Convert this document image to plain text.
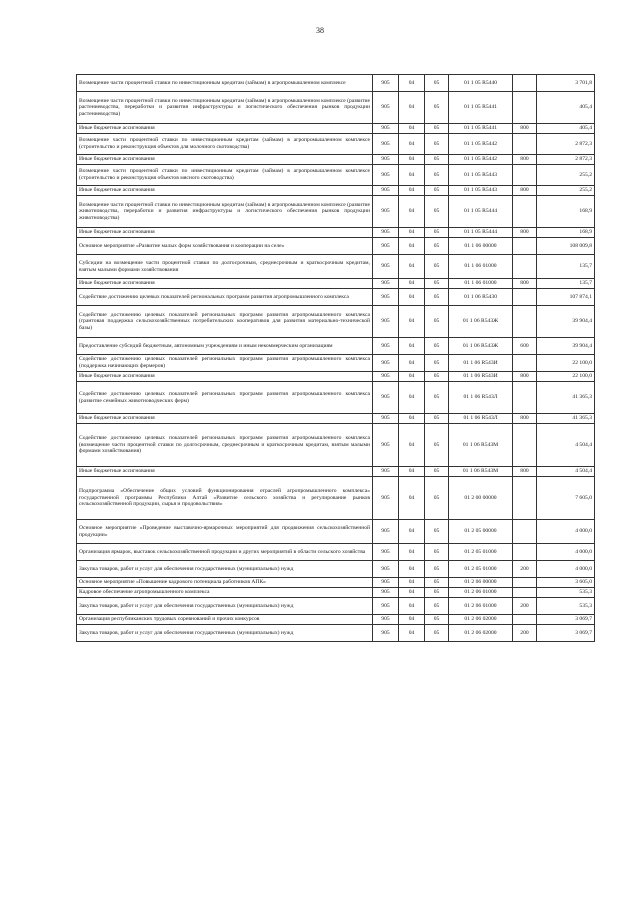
38
Возмещение части процентной ставки по инвестиционным кредитам (займам) в агропромышленном комплексе	905	04	05	01 1 05 R5440		3 701,8
Возмещение части процентной ставки по инвестиционным кредитам (займам) в агропромышленном комплексе (развитие растениеводства, переработки и развития инфраструктуры и логистического обеспечения рынков продукции растениеводства)	905	04	05	01 1 05 R5441		405,4
Иные бюджетные ассигнования	905	04	05	01 1 05 R5441	800	405,4
Возмещение части процентной ставки по инвестиционным кредитам (займам) в агропромышленном комплексе (строительство и реконструкция объектов для молочного скотоводства)	905	04	05	01 1 05 R5442		2 872,3
Иные бюджетные ассигнования	905	04	05	01 1 05 R5442	800	2 872,3
Возмещение части процентной ставки по инвестиционным кредитам (займам) в агропромышленном комплексе (строительство и реконструкция объектов мясного скотоводства)	905	04	05	01 1 05 R5443		255,2
Иные бюджетные ассигнования	905	04	05	01 1 05 R5443	800	255,2
Возмещение части процентной ставки по инвестиционным кредитам (займам) в агропромышленном комплексе (развитие животноводства, переработки и развития инфраструктуры и логистического обеспечения рынков продукции животноводства)	905	04	05	01 1 05 R5444		168,9
Иные бюджетные ассигнования	905	04	05	01 1 05 R5444	800	168,9
Основное мероприятие «Развитие малых форм хозяйствования и кооперации на селе»	905	04	05	01 1 06 00000		108 009,8
Субсидии на возмещение части процентной ставки по долгосрочным, среднесрочным и краткосрочным кредитам, взятым малыми формами хозяйствования	905	04	05	01 1 06 01000		135,7
Иные бюджетные ассигнования	905	04	05	01 1 06 01000	800	135,7
Содействие достижению целевых показателей региональных программ развития агропромышленного комплекса	905	04	05	01 1 06 R5430		107 874,1
Содействие достижению целевых показателей региональных программ развития агропромышленного комплекса (грантовая поддержка сельскохозяйственных потребительских кооперативов для развития материально-технической базы)	905	04	05	01 1 06 R543Ж		39 904,4
Предоставление субсидий бюджетным, автономным учреждениям и иным некоммерческим организациям	905	04	05	01 1 06 R543Ж	600	39 904,4
Содействие достижению целевых показателей региональных программ развития агропромышленного комплекса (поддержка начинающих фермеров)	905	04	05	01 1 06 R543И		22 100,0
Иные бюджетные ассигнования	905	04	05	01 1 06 R543И	800	22 100,0
Содействие достижению целевых показателей региональных программ развития агропромышленного комплекса (развитие семейных животноводческих ферм)	905	04	05	01 1 06 R543Л		41 365,3
Иные бюджетные ассигнования	905	04	05	01 1 06 R543Л	800	41 365,3
Содействие достижению целевых показателей региональных программ развития агропромышленного комплекса (возмещение части процентной ставки по долгосрочным, среднесрочным и краткосрочным кредитам, взятым малыми формами хозяйствования)	905	04	05	01 1 06 R543М		4 504,4
Иные бюджетные ассигнования	905	04	05	01 1 06 R543М	800	4 504,4
Подпрограмма «Обеспечение общих условий функционирования отраслей агропромышленного комплекса» государственной программы Республики Алтай «Развитие сельского хозяйства и регулирование рынков сельскохозяйственной продукции, сырья и продовольствия»	905	04	05	01 2 00 00000		7 605,0
Основное мероприятие «Проведение выставочно-ярмарочных мероприятий для продвижения сельскохозяйственной продукции»	905	04	05	01 2 05 00000		4 000,0
Организация ярмарок, выставок сельскохозяйственной продукции и других мероприятий в области сельского хозяйства	905	04	05	01 2 05 01000		4 000,0
Закупка товаров, работ и услуг для обеспечения государственных (муниципальных) нужд	905	04	05	01 2 05 01000	200	4 000,0
Основное мероприятие «Повышение кадрового потенциала работников АПК»	905	04	05	01 2 06 00000		3 605,0
Кадровое обеспечение агропромышленного комплекса	905	04	05	01 2 06 01000		535,3
Закупка товаров, работ и услуг для обеспечения государственных (муниципальных) нужд	905	04	05	01 2 06 01000	200	535,3
Организация республиканских трудовых соревнований и прочих конкурсов	905	04	05	01 2 06 02000		3 069,7
Закупка товаров, работ и услуг для обеспечения государственных (муниципальных) нужд	905	04	05	01 2 06 02000	200	3 069,7
